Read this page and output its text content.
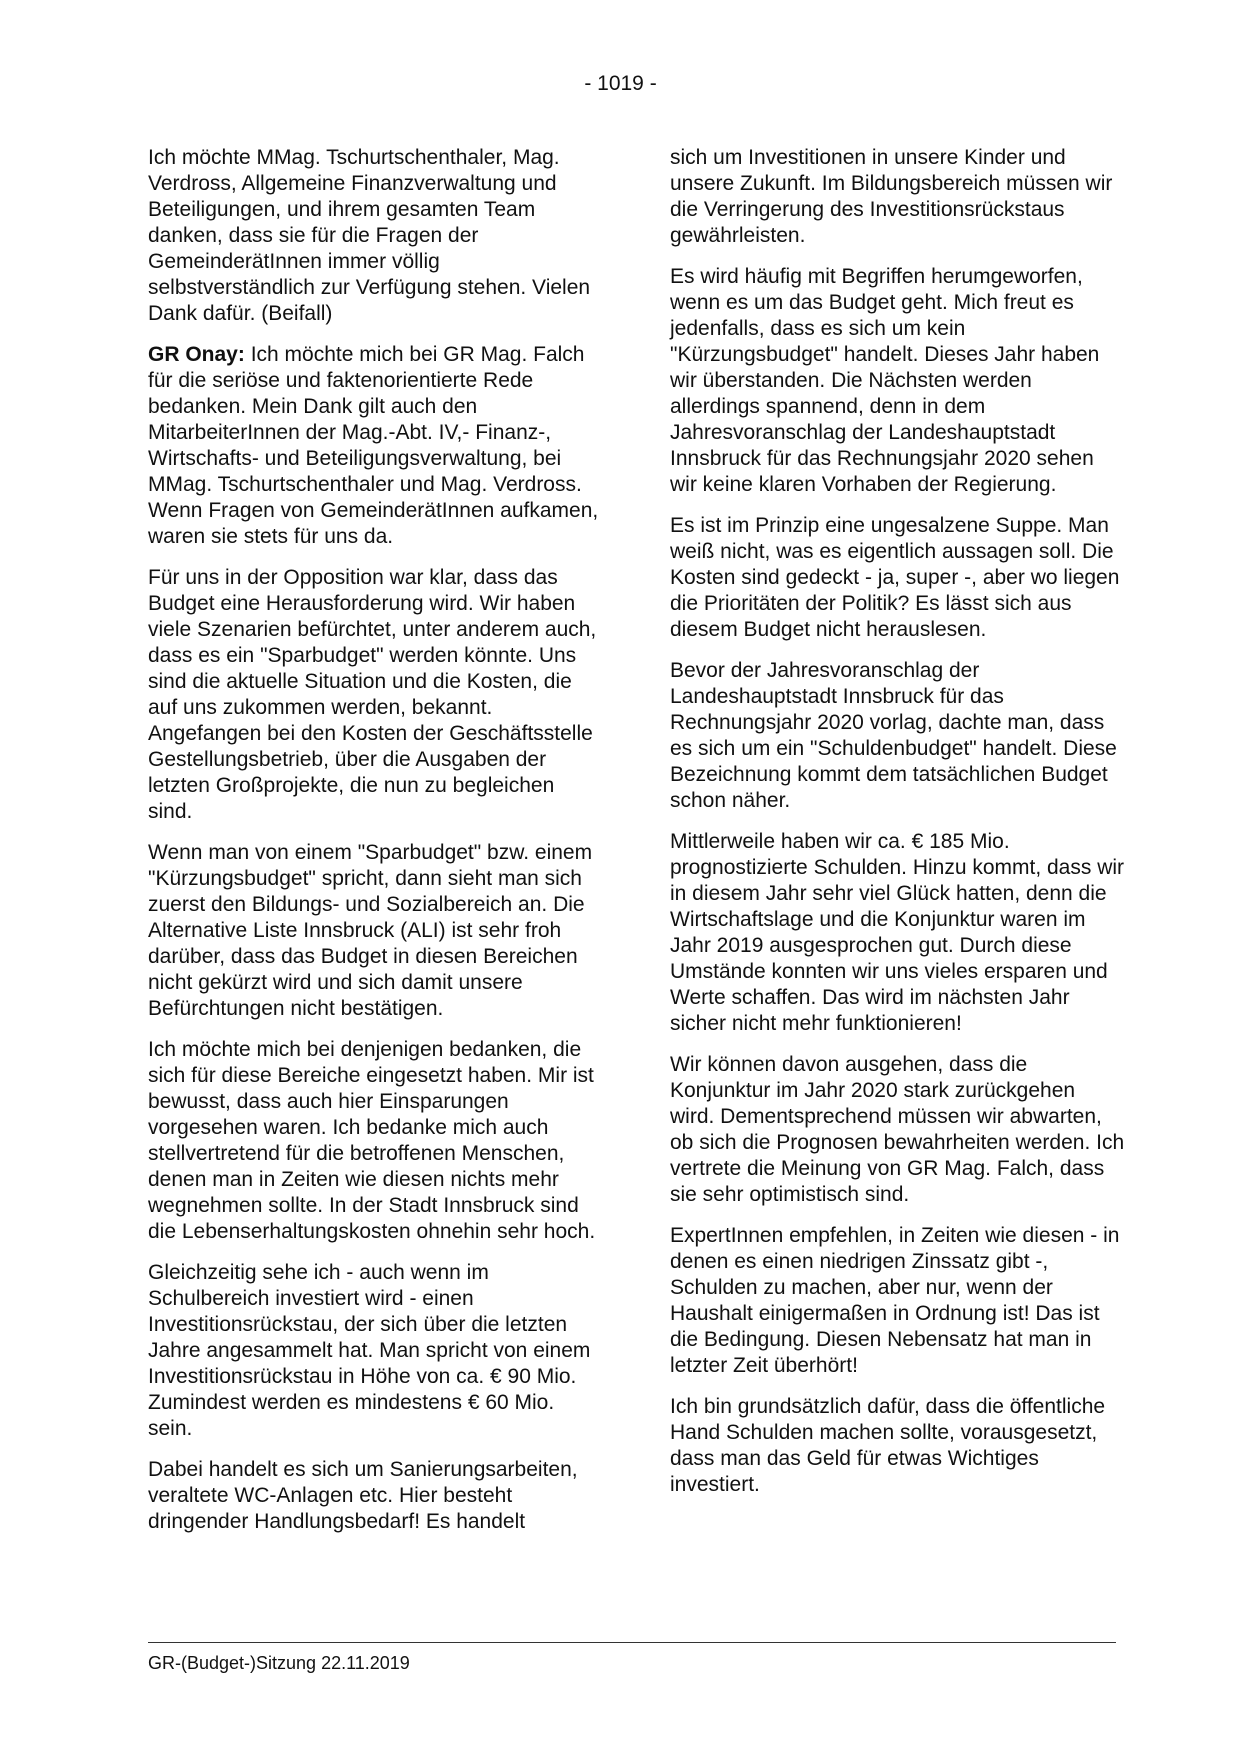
- 1019 -

Ich möchte MMag. Tschurtschenthaler, Mag. Verdross, Allgemeine Finanzverwaltung und Beteiligungen, und ihrem gesamten Team danken, dass sie für die Fragen der GemeinderätInnen immer völlig selbstverständlich zur Verfügung stehen. Vielen Dank dafür. (Beifall)

GR Onay: Ich möchte mich bei GR Mag. Falch für die seriöse und faktenorientierte Rede bedanken. Mein Dank gilt auch den MitarbeiterInnen der Mag.-Abt. IV,- Finanz-, Wirtschafts- und Beteiligungsverwaltung, bei MMag. Tschurtschenthaler und Mag. Verdross. Wenn Fragen von GemeinderätInnen aufkamen, waren sie stets für uns da.

Für uns in der Opposition war klar, dass das Budget eine Herausforderung wird. Wir haben viele Szenarien befürchtet, unter anderem auch, dass es ein "Sparbudget" werden könnte. Uns sind die aktuelle Situation und die Kosten, die auf uns zukommen werden, bekannt. Angefangen bei den Kosten der Geschäftsstelle Gestellungsbetrieb, über die Ausgaben der letzten Großprojekte, die nun zu begleichen sind.

Wenn man von einem "Sparbudget" bzw. einem "Kürzungsbudget" spricht, dann sieht man sich zuerst den Bildungs- und Sozialbereich an. Die Alternative Liste Innsbruck (ALI) ist sehr froh darüber, dass das Budget in diesen Bereichen nicht gekürzt wird und sich damit unsere Befürchtungen nicht bestätigen.

Ich möchte mich bei denjenigen bedanken, die sich für diese Bereiche eingesetzt haben. Mir ist bewusst, dass auch hier Einsparungen vorgesehen waren. Ich bedanke mich auch stellvertretend für die betroffenen Menschen, denen man in Zeiten wie diesen nichts mehr wegnehmen sollte. In der Stadt Innsbruck sind die Lebenserhaltungskosten ohnehin sehr hoch.

Gleichzeitig sehe ich - auch wenn im Schulbereich investiert wird - einen Investitionsrückstau, der sich über die letzten Jahre angesammelt hat. Man spricht von einem Investitionsrückstau in Höhe von ca. € 90 Mio. Zumindest werden es mindestens € 60 Mio. sein.

Dabei handelt es sich um Sanierungsarbeiten, veraltete WC-Anlagen etc. Hier besteht dringender Handlungsbedarf! Es handelt

sich um Investitionen in unsere Kinder und unsere Zukunft. Im Bildungsbereich müssen wir die Verringerung des Investitionsrückstaus gewährleisten.

Es wird häufig mit Begriffen herumgeworfen, wenn es um das Budget geht. Mich freut es jedenfalls, dass es sich um kein "Kürzungsbudget" handelt. Dieses Jahr haben wir überstanden. Die Nächsten werden allerdings spannend, denn in dem Jahresvoranschlag der Landeshauptstadt Innsbruck für das Rechnungsjahr 2020 sehen wir keine klaren Vorhaben der Regierung.

Es ist im Prinzip eine ungesalzene Suppe. Man weiß nicht, was es eigentlich aussagen soll. Die Kosten sind gedeckt - ja, super -, aber wo liegen die Prioritäten der Politik? Es lässt sich aus diesem Budget nicht herauslesen.

Bevor der Jahresvoranschlag der Landeshauptstadt Innsbruck für das Rechnungsjahr 2020 vorlag, dachte man, dass es sich um ein "Schuldenbudget" handelt. Diese Bezeichnung kommt dem tatsächlichen Budget schon näher.

Mittlerweile haben wir ca. € 185 Mio. prognostizierte Schulden. Hinzu kommt, dass wir in diesem Jahr sehr viel Glück hatten, denn die Wirtschaftslage und die Konjunktur waren im Jahr 2019 ausgesprochen gut. Durch diese Umstände konnten wir uns vieles ersparen und Werte schaffen. Das wird im nächsten Jahr sicher nicht mehr funktionieren!

Wir können davon ausgehen, dass die Konjunktur im Jahr 2020 stark zurückgehen wird. Dementsprechend müssen wir abwarten, ob sich die Prognosen bewahrheiten werden. Ich vertrete die Meinung von GR Mag. Falch, dass sie sehr optimistisch sind.

ExpertInnen empfehlen, in Zeiten wie diesen - in denen es einen niedrigen Zinssatz gibt -, Schulden zu machen, aber nur, wenn der Haushalt einigermaßen in Ordnung ist! Das ist die Bedingung. Diesen Nebensatz hat man in letzter Zeit überhört!

Ich bin grundsätzlich dafür, dass die öffentliche Hand Schulden machen sollte, vorausgesetzt, dass man das Geld für etwas Wichtiges investiert.

GR-(Budget-)Sitzung 22.11.2019
